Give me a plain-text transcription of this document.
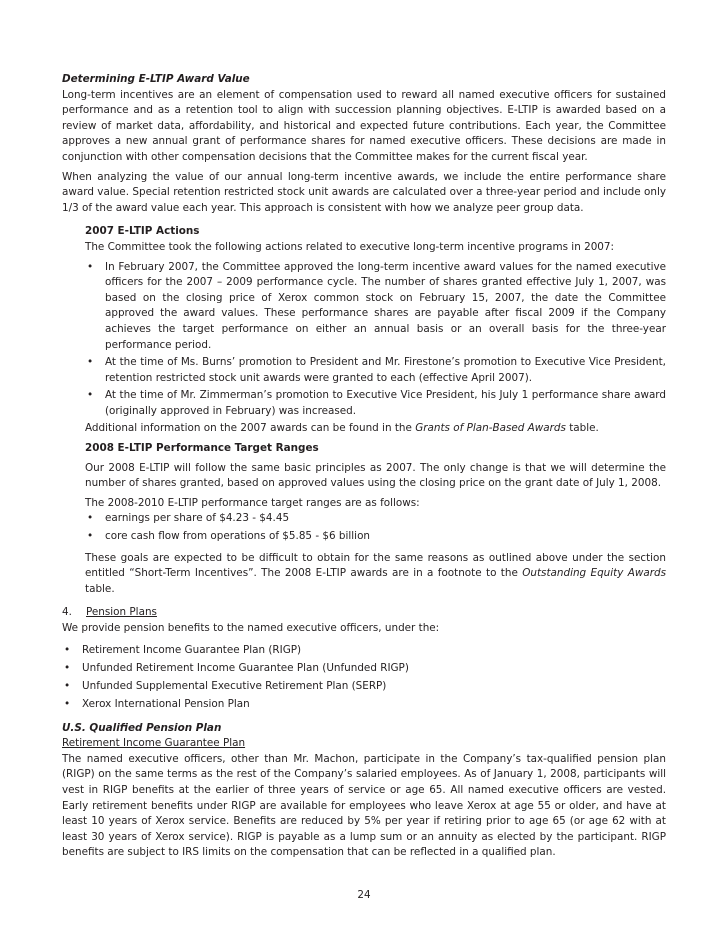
Determining E-LTIP Award Value

Long-term incentives are an element of compensation used to reward all named executive officers for sustained performance and as a retention tool to align with succession planning objectives. E-LTIP is awarded based on a review of market data, affordability, and historical and expected future contributions. Each year, the Committee approves a new annual grant of performance shares for named executive officers. These decisions are made in conjunction with other compensation decisions that the Committee makes for the current fiscal year.

When analyzing the value of our annual long-term incentive awards, we include the entire performance share award value. Special retention restricted stock unit awards are calculated over a three-year period and include only 1/3 of the award value each year. This approach is consistent with how we analyze peer group data.

2007 E-LTIP Actions

The Committee took the following actions related to executive long-term incentive programs in 2007:

• In February 2007, the Committee approved the long-term incentive award values for the named executive officers for the 2007 – 2009 performance cycle. The number of shares granted effective July 1, 2007, was based on the closing price of Xerox common stock on February 15, 2007, the date the Committee approved the award values. These performance shares are payable after fiscal 2009 if the Company achieves the target performance on either an annual basis or an overall basis for the three-year performance period.
• At the time of Ms. Burns’ promotion to President and Mr. Firestone’s promotion to Executive Vice President, retention restricted stock unit awards were granted to each (effective April 2007).
• At the time of Mr. Zimmerman’s promotion to Executive Vice President, his July 1 performance share award (originally approved in February) was increased.

Additional information on the 2007 awards can be found in the Grants of Plan-Based Awards table.

2008 E-LTIP Performance Target Ranges

Our 2008 E-LTIP will follow the same basic principles as 2007. The only change is that we will determine the number of shares granted, based on approved values using the closing price on the grant date of July 1, 2008.

The 2008-2010 E-LTIP performance target ranges are as follows:

• earnings per share of $4.23 - $4.45
• core cash flow from operations of $5.85 - $6 billion

These goals are expected to be difficult to obtain for the same reasons as outlined above under the section entitled “Short-Term Incentives”. The 2008 E-LTIP awards are in a footnote to the Outstanding Equity Awards table.

4.	Pension Plans

We provide pension benefits to the named executive officers, under the:

• Retirement Income Guarantee Plan (RIGP)
• Unfunded Retirement Income Guarantee Plan (Unfunded RIGP)
• Unfunded Supplemental Executive Retirement Plan (SERP)
• Xerox International Pension Plan

U.S. Qualified Pension Plan

Retirement Income Guarantee Plan

The named executive officers, other than Mr. Machon, participate in the Company’s tax-qualified pension plan (RIGP) on the same terms as the rest of the Company’s salaried employees. As of January 1, 2008, participants will vest in RIGP benefits at the earlier of three years of service or age 65. All named executive officers are vested. Early retirement benefits under RIGP are available for employees who leave Xerox at age 55 or older, and have at least 10 years of Xerox service. Benefits are reduced by 5% per year if retiring prior to age 65 (or age 62 with at least 30 years of Xerox service). RIGP is payable as a lump sum or an annuity as elected by the participant. RIGP benefits are subject to IRS limits on the compensation that can be reflected in a qualified plan.

24
